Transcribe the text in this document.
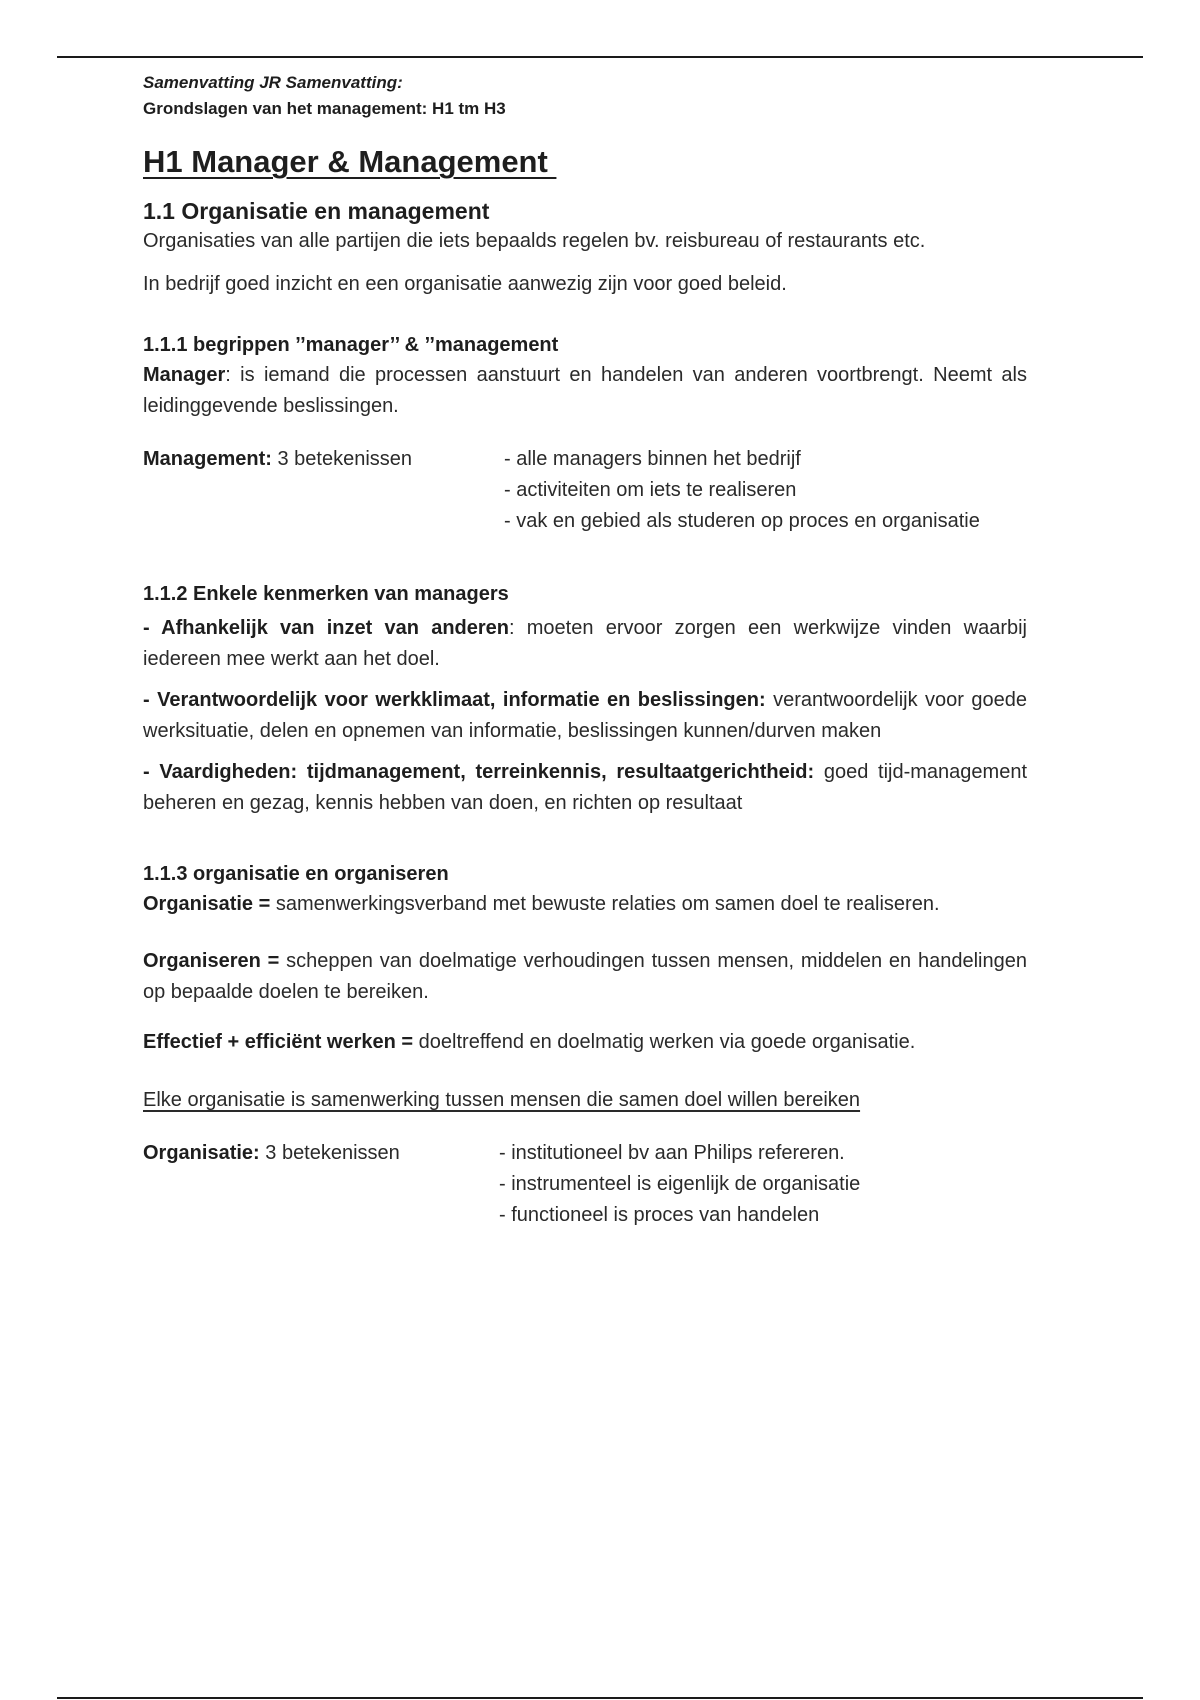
Samenvatting JR Samenvatting:
Grondslagen van het management: H1 tm H3
H1 Manager & Management
1.1 Organisatie en management

Organisaties van alle partijen die iets bepaalds regelen bv. reisbureau of restaurants etc.

In bedrijf goed inzicht en een organisatie aanwezig zijn voor goed beleid.

1.1.1 begrippen ’’manager’’ & ’’management

Manager: is iemand die processen aanstuurt en handelen van anderen voortbrengt. Neemt als leidinggevende beslissingen.

Management: 3 betekenissen	- alle managers binnen het bedrijf
- activiteiten om iets te realiseren
- vak en gebied als studeren op proces en organisatie
1.1.2 Enkele kenmerken van managers

- Afhankelijk van inzet van anderen: moeten ervoor zorgen een werkwijze vinden waarbij iedereen mee werkt aan het doel.

- Verantwoordelijk voor werkklimaat, informatie en beslissingen: verantwoordelijk voor goede werksituatie, delen en opnemen van informatie, beslissingen kunnen/durven maken

- Vaardigheden: tijdmanagement, terreinkennis, resultaatgerichtheid: goed tijd-management beheren en gezag, kennis hebben van doen, en richten op resultaat

1.1.3 organisatie en organiseren

Organisatie = samenwerkingsverband met bewuste relaties om samen doel te realiseren.

Organiseren = scheppen van doelmatige verhoudingen tussen mensen, middelen en handelingen op bepaalde doelen te bereiken.

Effectief + efficiënt werken = doeltreffend en doelmatig werken via goede organisatie.

Elke organisatie is samenwerking tussen mensen die samen doel willen bereiken

Organisatie: 3 betekenissen	- institutioneel bv aan Philips refereren.
- instrumenteel is eigenlijk de organisatie
- functioneel is proces van handelen
